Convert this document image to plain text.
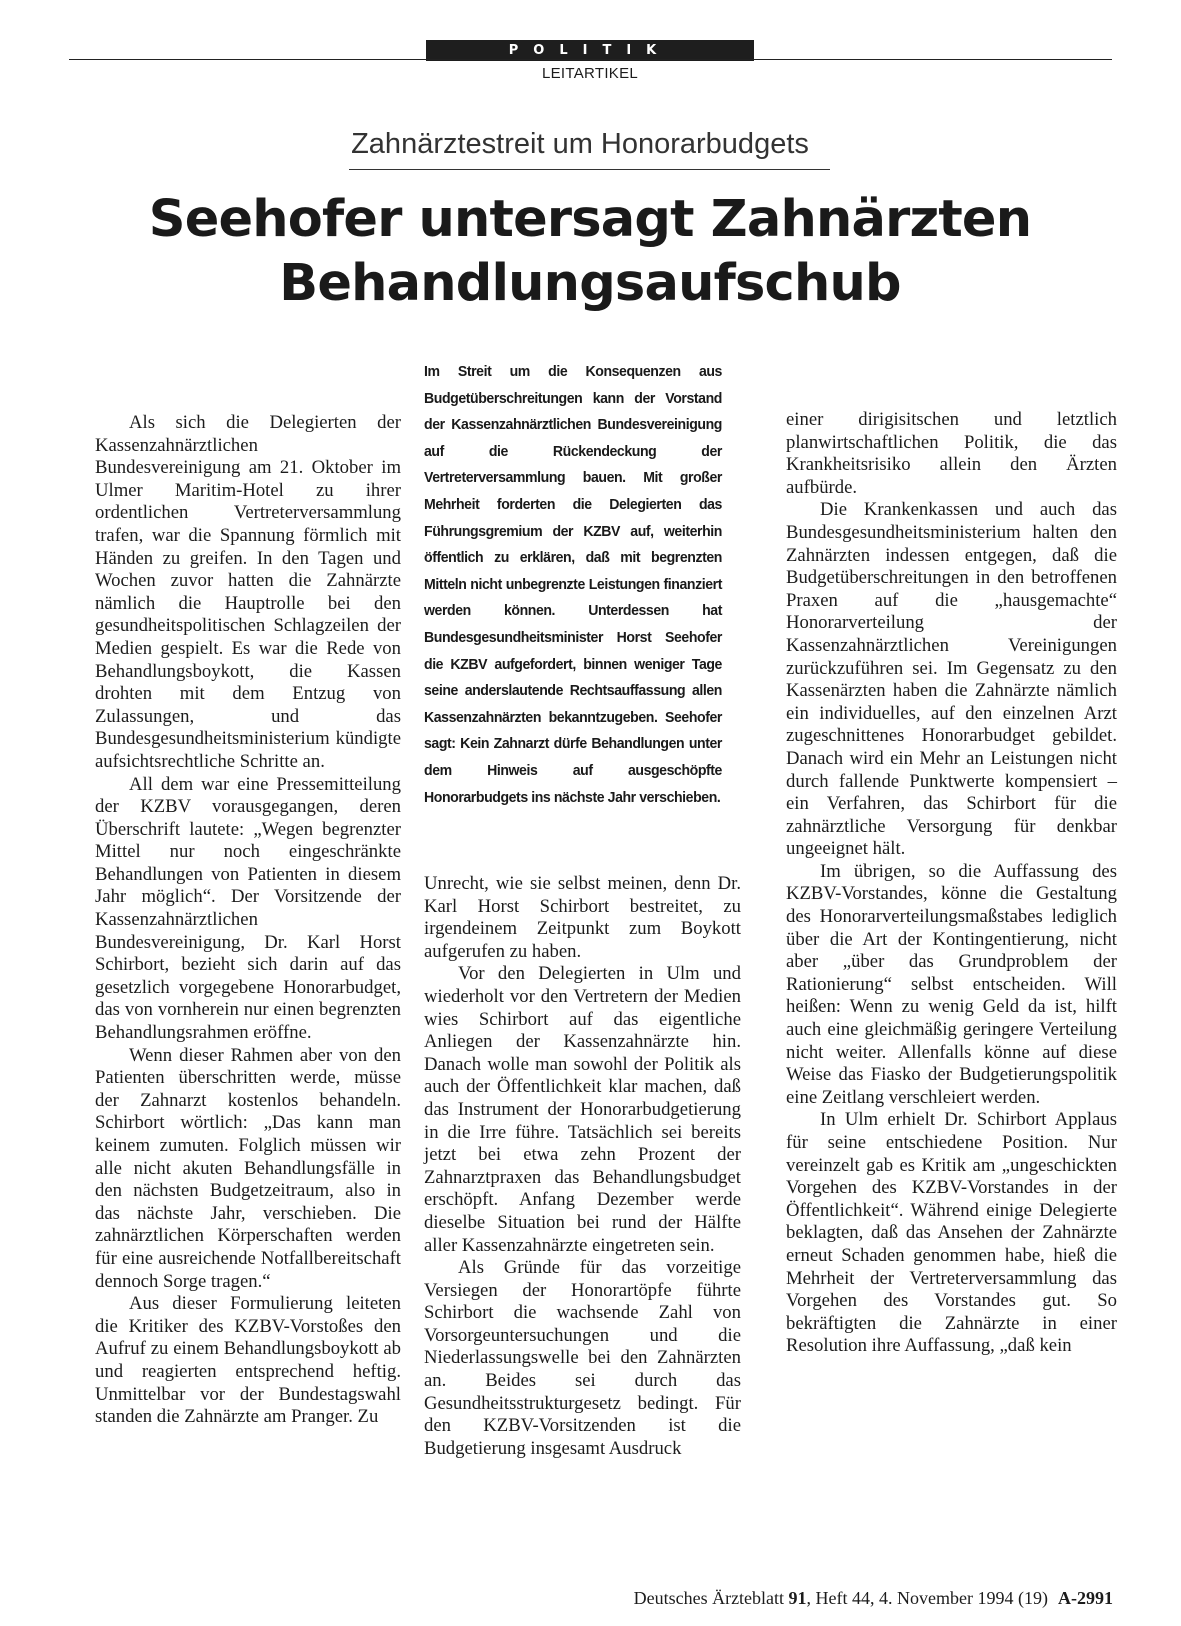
POLITIK
LEITARTIKEL
Zahnärztestreit um Honorarbudgets
Seehofer untersagt Zahnärzten
Behandlungsaufschub

Als sich die Delegierten der Kassenzahnärztlichen Bundesvereinigung am 21. Oktober im Ulmer Maritim-Hotel zu ihrer ordentlichen Vertreterversammlung trafen, war die Spannung förmlich mit Händen zu greifen. In den Tagen und Wochen zuvor hatten die Zahnärzte nämlich die Hauptrolle bei den gesundheitspolitischen Schlagzeilen der Medien gespielt. Es war die Rede von Behandlungsboykott, die Kassen drohten mit dem Entzug von Zulassungen, und das Bundesgesundheitsministerium kündigte aufsichtsrechtliche Schritte an.

All dem war eine Pressemitteilung der KZBV vorausgegangen, deren Überschrift lautete: „Wegen begrenzter Mittel nur noch eingeschränkte Behandlungen von Patienten in diesem Jahr möglich“. Der Vorsitzende der Kassenzahnärztlichen Bundesvereinigung, Dr. Karl Horst Schirbort, bezieht sich darin auf das gesetzlich vorgegebene Honorarbudget, das von vornherein nur einen begrenzten Behandlungsrahmen eröffne.

Wenn dieser Rahmen aber von den Patienten überschritten werde, müsse der Zahnarzt kostenlos behandeln. Schirbort wörtlich: „Das kann man keinem zumuten. Folglich müssen wir alle nicht akuten Behandlungsfälle in den nächsten Budgetzeitraum, also in das nächste Jahr, verschieben. Die zahnärztlichen Körperschaften werden für eine ausreichende Notfallbereitschaft dennoch Sorge tragen.“

Aus dieser Formulierung leiteten die Kritiker des KZBV-Vorstoßes den Aufruf zu einem Behandlungsboykott ab und reagierten entsprechend heftig. Unmittelbar vor der Bundestagswahl standen die Zahnärzte am Pranger. Zu

Im Streit um die Konsequenzen aus Budgetüberschreitungen kann der Vorstand der Kassenzahnärztlichen Bundesvereinigung auf die Rückendeckung der Vertreterversammlung bauen. Mit großer Mehrheit forderten die Delegierten das Führungsgremium der KZBV auf, weiterhin öffentlich zu erklären, daß mit begrenzten Mitteln nicht unbegrenzte Leistungen finanziert werden können. Unterdessen hat Bundesgesundheitsminister Horst Seehofer die KZBV aufgefordert, binnen weniger Tage seine anderslautende Rechtsauffassung allen Kassenzahnärzten bekanntzugeben. Seehofer sagt: Kein Zahnarzt dürfe Behandlungen unter dem Hinweis auf ausgeschöpfte Honorarbudgets ins nächste Jahr verschieben.

Unrecht, wie sie selbst meinen, denn Dr. Karl Horst Schirbort bestreitet, zu irgendeinem Zeitpunkt zum Boykott aufgerufen zu haben.

Vor den Delegierten in Ulm und wiederholt vor den Vertretern der Medien wies Schirbort auf das eigentliche Anliegen der Kassenzahnärzte hin. Danach wolle man sowohl der Politik als auch der Öffentlichkeit klar machen, daß das Instrument der Honorarbudgetierung in die Irre führe. Tatsächlich sei bereits jetzt bei etwa zehn Prozent der Zahnarztpraxen das Behandlungsbudget erschöpft. Anfang Dezember werde dieselbe Situation bei rund der Hälfte aller Kassenzahnärzte eingetreten sein.

Als Gründe für das vorzeitige Versiegen der Honorartöpfe führte Schirbort die wachsende Zahl von Vorsorgeuntersuchungen und die Niederlassungswelle bei den Zahnärzten an. Beides sei durch das Gesundheitsstrukturgesetz bedingt. Für den KZBV-Vorsitzenden ist die Budgetierung insgesamt Ausdruck

einer dirigisitschen und letztlich planwirtschaftlichen Politik, die das Krankheitsrisiko allein den Ärzten aufbürde.

Die Krankenkassen und auch das Bundesgesundheitsministerium halten den Zahnärzten indessen entgegen, daß die Budgetüberschreitungen in den betroffenen Praxen auf die „hausgemachte“ Honorarverteilung der Kassenzahnärztlichen Vereinigungen zurückzuführen sei. Im Gegensatz zu den Kassenärzten haben die Zahnärzte nämlich ein individuelles, auf den einzelnen Arzt zugeschnittenes Honorarbudget gebildet. Danach wird ein Mehr an Leistungen nicht durch fallende Punktwerte kompensiert – ein Verfahren, das Schirbort für die zahnärztliche Versorgung für denkbar ungeeignet hält.

Im übrigen, so die Auffassung des KZBV-Vorstandes, könne die Gestaltung des Honorarverteilungsmaßstabes lediglich über die Art der Kontingentierung, nicht aber „über das Grundproblem der Rationierung“ selbst entscheiden. Will heißen: Wenn zu wenig Geld da ist, hilft auch eine gleichmäßig geringere Verteilung nicht weiter. Allenfalls könne auf diese Weise das Fiasko der Budgetierungspolitik eine Zeitlang verschleiert werden.

In Ulm erhielt Dr. Schirbort Applaus für seine entschiedene Position. Nur vereinzelt gab es Kritik am „ungeschickten Vorgehen des KZBV-Vorstandes in der Öffentlichkeit“. Während einige Delegierte beklagten, daß das Ansehen der Zahnärzte erneut Schaden genommen habe, hieß die Mehrheit der Vertreterversammlung das Vorgehen des Vorstandes gut. So bekräftigten die Zahnärzte in einer Resolution ihre Auffassung, „daß kein

Deutsches Ärzteblatt 91, Heft 44, 4. November 1994 (19) A-2991
